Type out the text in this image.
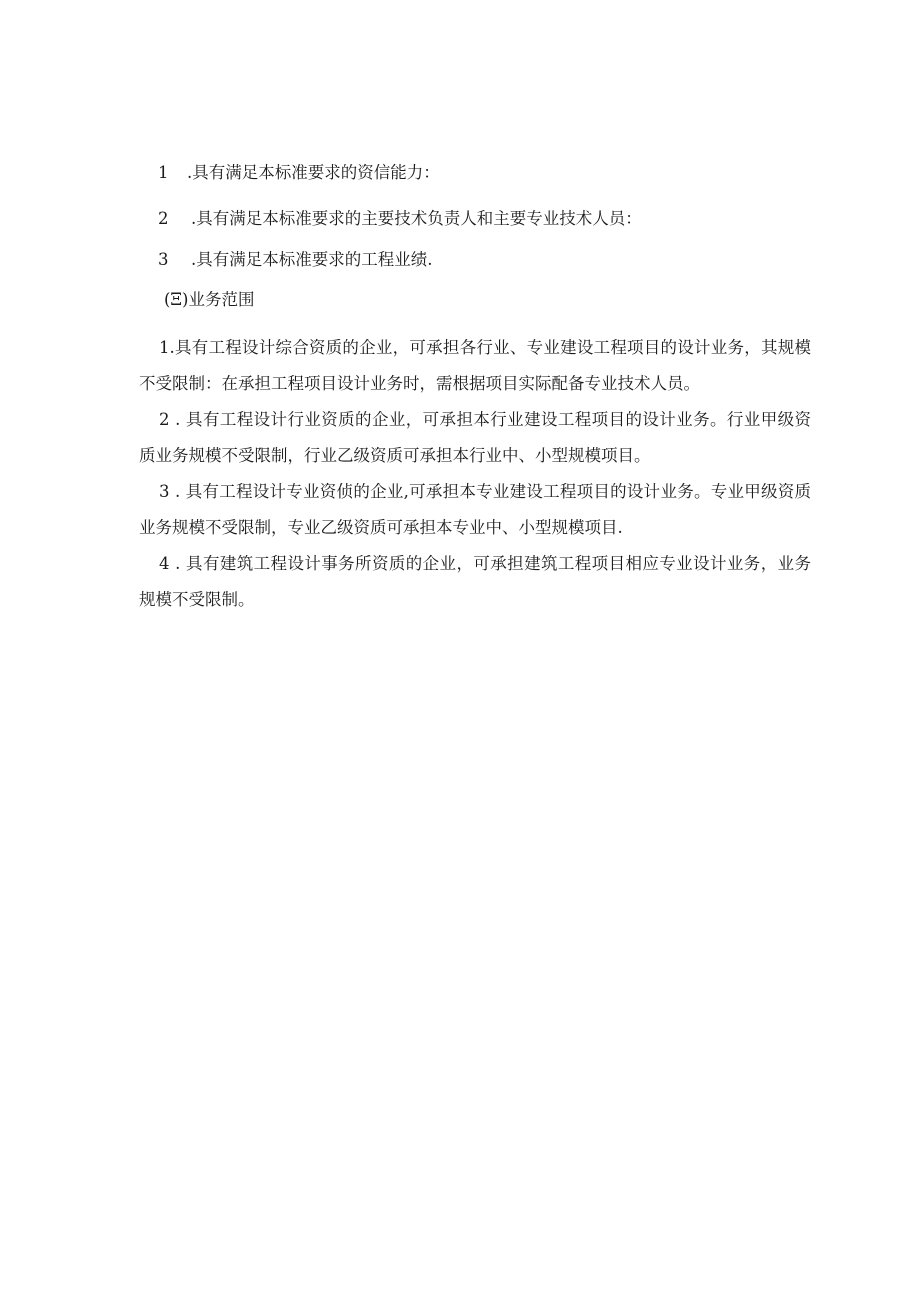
1 .具有满足本标准要求的资信能力：
2 .具有满足本标准要求的主要技术负责人和主要专业技术人员：
3 .具有满足本标准要求的工程业绩.
(Ξ)业务范围
1.具有工程设计综合资质的企业，可承担各行业、专业建设工程项目的设计业务，其规模不受限制：在承担工程项目设计业务时，需根据项目实际配备专业技术人员。
2 . 具有工程设计行业资质的企业，可承担本行业建设工程项目的设计业务。行业甲级资质业务规模不受限制，行业乙级资质可承担本行业中、小型规模项目。
3 . 具有工程设计专业资侦的企业,可承担本专业建设工程项目的设计业务。专业甲级资质业务规模不受限制，专业乙级资质可承担本专业中、小型规模项目.
4 . 具有建筑工程设计事务所资质的企业，可承担建筑工程项目相应专业设计业务，业务规模不受限制。
